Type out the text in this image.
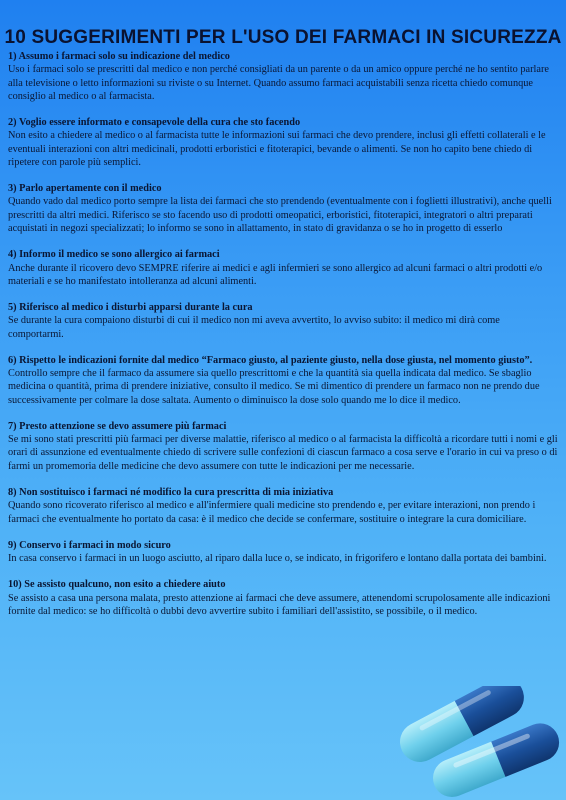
10 SUGGERIMENTI PER L'USO DEI FARMACI IN SICUREZZA
1) Assumo i farmaci solo su indicazione del medico

Uso i farmaci solo se prescritti dal medico e non perché consigliati da un parente o da un amico oppure perché ne ho sentito parlare alla televisione o letto informazioni su riviste o su Internet. Quando assumo farmaci acquistabili senza ricetta chiedo comunque consiglio al medico o al farmacista.

2) Voglio essere informato e consapevole della cura che sto facendo

Non esito a chiedere al medico o al farmacista tutte le informazioni sui farmaci che devo prendere, inclusi gli effetti collaterali e le eventuali interazioni con altri medicinali, prodotti erboristici e fitoterapici, bevande o alimenti. Se non ho capito bene chiedo di ripetere con parole più semplici.

3) Parlo apertamente con il medico

Quando vado dal medico porto sempre la lista dei farmaci che sto prendendo (eventualmente con i foglietti illustrativi), anche quelli prescritti da altri medici. Riferisco se sto facendo uso di prodotti omeopatici, erboristici, fitoterapici, integratori o altri preparati acquistati in negozi specializzati; lo informo se sono in allattamento, in stato di gravidanza o se ho in progetto di esserlo

4) Informo il medico se sono allergico ai farmaci

Anche durante il ricovero devo SEMPRE riferire ai medici e agli infermieri se sono allergico ad alcuni farmaci o altri prodotti e/o materiali e se ho manifestato intolleranza ad alcuni alimenti.

5) Riferisco al medico i disturbi apparsi durante la cura

Se durante la cura compaiono disturbi di cui il medico non mi aveva avvertito, lo avviso subito: il medico mi dirà come comportarmi.

6) Rispetto le indicazioni fornite dal medico “Farmaco giusto, al paziente giusto, nella dose giusta, nel momento giusto”.

Controllo sempre che il farmaco da assumere sia quello prescrittomi e che la quantità sia quella indicata dal medico. Se sbaglio medicina o quantità, prima di prendere iniziative, consulto il medico. Se mi dimentico di prendere un farmaco non ne prendo due successivamente per colmare la dose saltata. Aumento o diminuisco la dose solo quando me lo dice il medico.

7) Presto attenzione se devo assumere più farmaci

Se mi sono stati prescritti più farmaci per diverse malattie, riferisco al medico o al farmacista la difficoltà a ricordare tutti i nomi e gli orari di assunzione ed eventualmente chiedo di scrivere sulle confezioni di ciascun farmaco a cosa serve e l'orario in cui va preso o di farmi un promemoria delle medicine che devo assumere con tutte le indicazioni per me necessarie.

8) Non sostituisco i farmaci né modifico la cura prescritta di mia iniziativa

Quando sono ricoverato riferisco al medico e all'infermiere quali medicine sto prendendo e, per evitare interazioni, non prendo i farmaci che eventualmente ho portato da casa: è il medico che decide se confermare, sostituire o integrare la cura domiciliare.

9) Conservo i farmaci in modo sicuro

In casa conservo i farmaci in un luogo asciutto, al riparo dalla luce o, se indicato, in frigorifero e lontano dalla portata dei bambini.

10) Se assisto qualcuno, non esito a chiedere aiuto

Se assisto a casa una persona malata, presto attenzione ai farmaci che deve assumere, attenendomi scrupolosamente alle indicazioni fornite dal medico: se ho difficoltà o dubbi devo avvertire subito i familiari dell'assistito, se possibile, o il medico.
